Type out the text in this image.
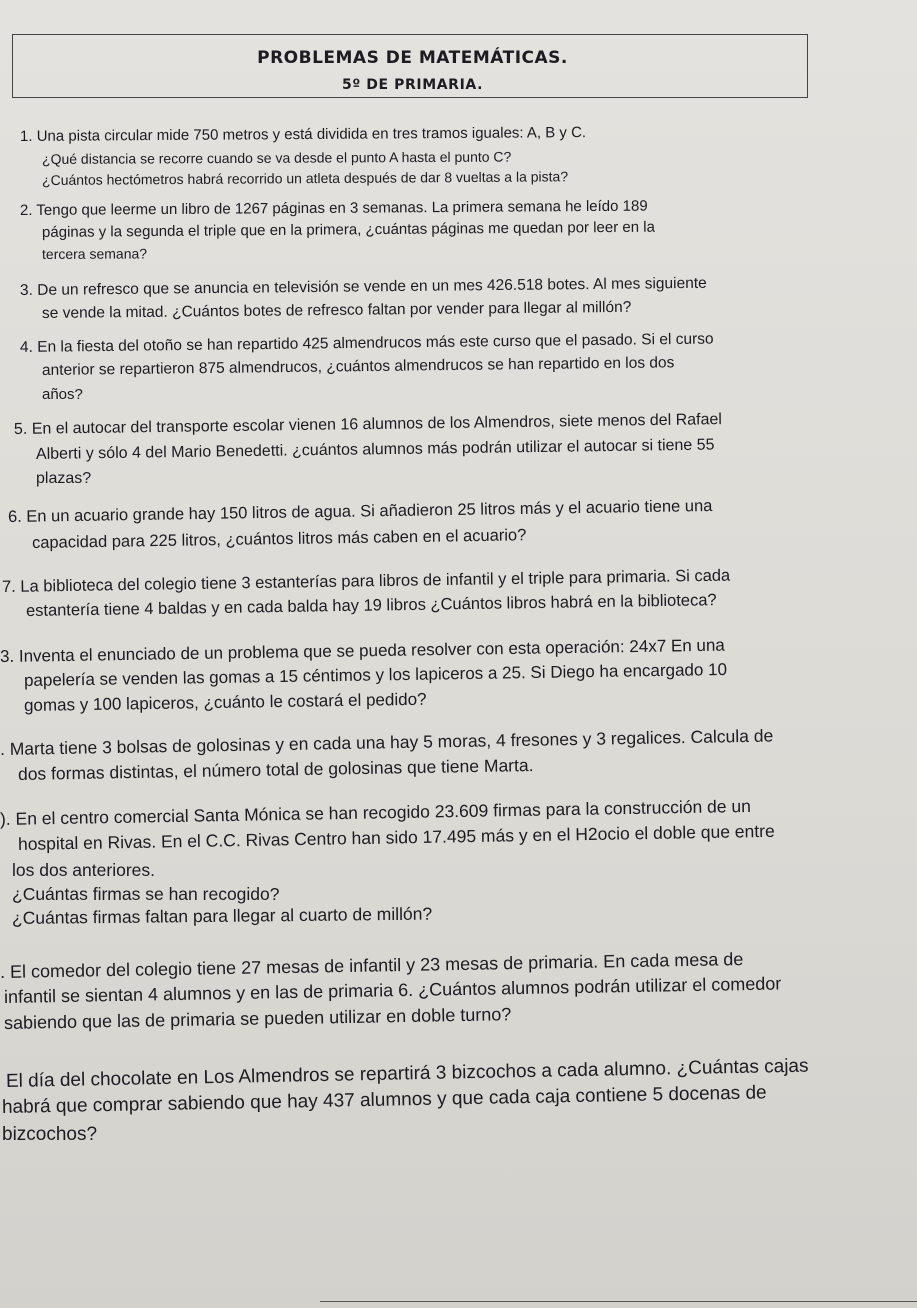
PROBLEMAS DE MATEMÁTICAS.
5º DE PRIMARIA.
1. Una pista circular mide 750 metros y está dividida en tres tramos iguales: A, B y C.
¿Qué distancia se recorre cuando se va desde el punto A hasta el punto C?
¿Cuántos hectómetros habrá recorrido un atleta después de dar 8 vueltas a la pista?
2. Tengo que leerme un libro de 1267 páginas en 3 semanas. La primera semana he leído 189
páginas y la segunda el triple que en la primera, ¿cuántas páginas me quedan por leer en la
tercera semana?
3. De un refresco que se anuncia en televisión se vende en un mes 426.518 botes. Al mes siguiente
se vende la mitad. ¿Cuántos botes de refresco faltan por vender para llegar al millón?
4. En la fiesta del otoño se han repartido 425 almendrucos más este curso que el pasado. Si el curso
anterior se repartieron 875 almendrucos, ¿cuántos almendrucos se han repartido en los dos
años?
5. En el autocar del transporte escolar vienen 16 alumnos de los Almendros, siete menos del Rafael
Alberti y sólo 4 del Mario Benedetti. ¿cuántos alumnos más podrán utilizar el autocar si tiene 55
plazas?
6. En un acuario grande hay 150 litros de agua. Si añadieron 25 litros más y el acuario tiene una
capacidad para 225 litros, ¿cuántos litros más caben en el acuario?
7. La biblioteca del colegio tiene 3 estanterías para libros de infantil y el triple para primaria. Si cada
estantería tiene 4 baldas y en cada balda hay 19 libros ¿Cuántos libros habrá en la biblioteca?
3. Inventa el enunciado de un problema que se pueda resolver con esta operación: 24x7 En una
papelería se venden las gomas a 15 céntimos y los lapiceros a 25. Si Diego ha encargado 10
gomas y 100 lapiceros, ¿cuánto le costará el pedido?
. Marta tiene 3 bolsas de golosinas y en cada una hay 5 moras, 4 fresones y 3 regalices. Calcula de
dos formas distintas, el número total de golosinas que tiene Marta.
). En el centro comercial Santa Mónica se han recogido 23.609 firmas para la construcción de un
hospital en Rivas. En el C.C. Rivas Centro han sido 17.495 más y en el H2ocio el doble que entre
los dos anteriores.
¿Cuántas firmas se han recogido?
¿Cuántas firmas faltan para llegar al cuarto de millón?
. El comedor del colegio tiene 27 mesas de infantil y 23 mesas de primaria. En cada mesa de
infantil se sientan 4 alumnos y en las de primaria 6. ¿Cuántos alumnos podrán utilizar el comedor
sabiendo que las de primaria se pueden utilizar en doble turno?
El día del chocolate en Los Almendros se repartirá 3 bizcochos a cada alumno. ¿Cuántas cajas
habrá que comprar sabiendo que hay 437 alumnos y que cada caja contiene 5 docenas de
bizcochos?
